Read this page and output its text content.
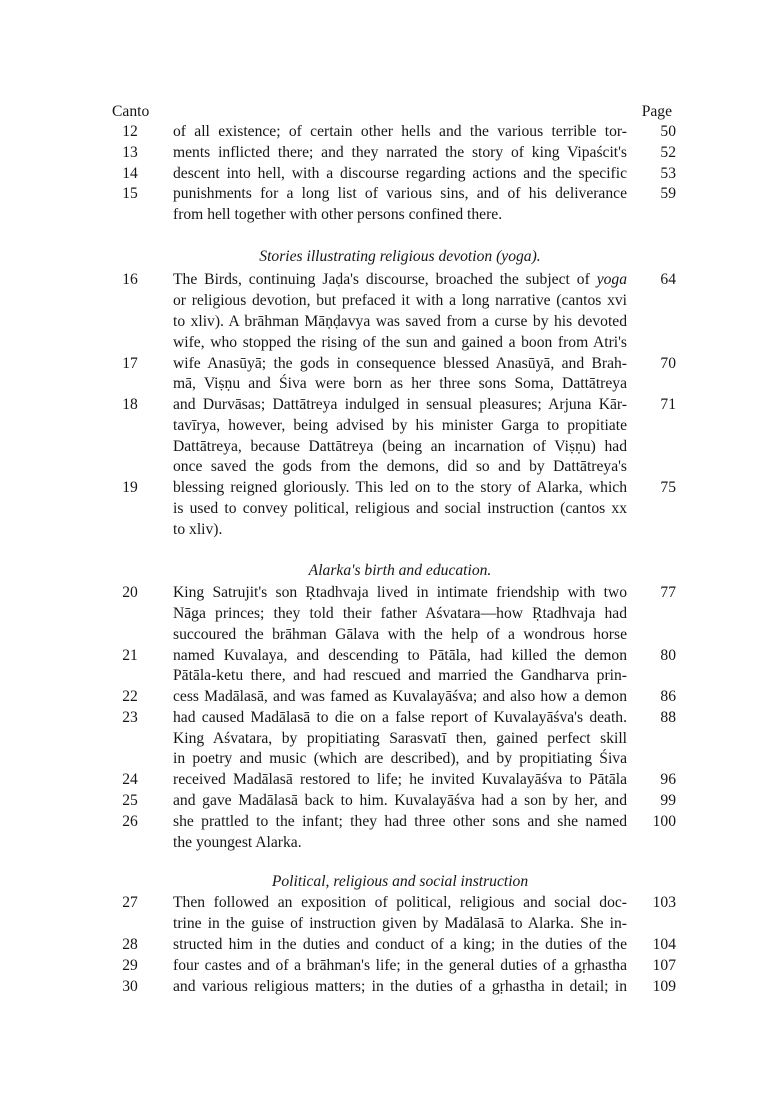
Canto	Page
Stories illustrating religious devotion (yoga).
Alarka's birth and education.
Political, religious and social instruction
12	of all existence; of certain other hells and the various terrible tor-	50
13	ments inflicted there; and they narrated the story of king Vipaścit's	52
14	descent into hell, with a discourse regarding actions and the specific	53
15	punishments for a long list of various sins, and of his deliverance	59
from hell together with other persons confined there.
16	The Birds, continuing Jaḍa's discourse, broached the subject of yoga	64
or religious devotion, but prefaced it with a long narrative (cantos xvi
to xliv). A brāhman Māṇḍavya was saved from a curse by his devoted
wife, who stopped the rising of the sun and gained a boon from Atri's
17	wife Anasūyā; the gods in consequence blessed Anasūyā, and Brah-	70
mā, Viṣṇu and Śiva were born as her three sons Soma, Dattātreya
18	and Durvāsas; Dattātreya indulged in sensual pleasures; Arjuna Kār-	71
tavīrya, however, being advised by his minister Garga to propitiate
Dattātreya, because Dattātreya (being an incarnation of Viṣṇu) had
once saved the gods from the demons, did so and by Dattātreya's
19	blessing reigned gloriously. This led on to the story of Alarka, which	75
is used to convey political, religious and social instruction (cantos xx
to xliv).
20	King Satrujit's son Ṛtadhvaja lived in intimate friendship with two	77
Nāga princes; they told their father Aśvatara—how Ṛtadhvaja had
succoured the brāhman Gālava with the help of a wondrous horse
21	named Kuvalaya, and descending to Pātāla, had killed the demon	80
Pātāla-ketu there, and had rescued and married the Gandharva prin-
22	cess Madālasā, and was famed as Kuvalayāśva; and also how a demon	86
23	had caused Madālasā to die on a false report of Kuvalayāśva's death.	88
King Aśvatara, by propitiating Sarasvatī then, gained perfect skill
in poetry and music (which are described), and by propitiating Śiva
24	received Madālasā restored to life; he invited Kuvalayāśva to Pātāla	96
25	and gave Madālasā back to him. Kuvalayāśva had a son by her, and	99
26	she prattled to the infant; they had three other sons and she named	100
the youngest Alarka.
27	Then followed an exposition of political, religious and social doc-	103
trine in the guise of instruction given by Madālasā to Alarka. She in-
28	structed him in the duties and conduct of a king; in the duties of the	104
29	four castes and of a brāhman's life; in the general duties of a gṛhastha	107
30	and various religious matters; in the duties of a gṛhastha in detail; in	109
